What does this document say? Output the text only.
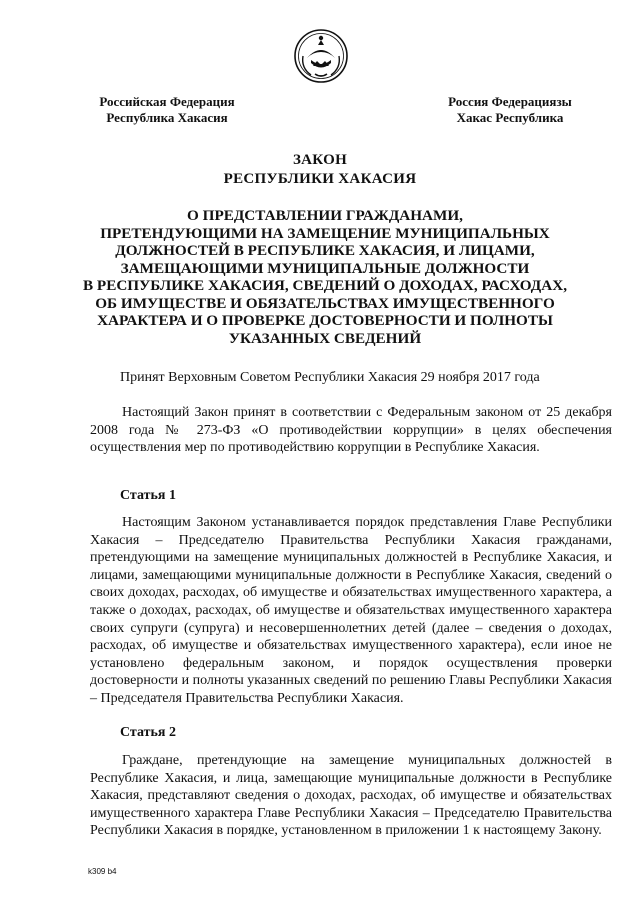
Российская Федерация
Республика Хакасия
Россия Федерациязы
Хакас Республика
ЗАКОН
РЕСПУБЛИКИ ХАКАСИЯ
О ПРЕДСТАВЛЕНИИ ГРАЖДАНАМИ,
ПРЕТЕНДУЮЩИМИ НА ЗАМЕЩЕНИЕ МУНИЦИПАЛЬНЫХ
ДОЛЖНОСТЕЙ В РЕСПУБЛИКЕ ХАКАСИЯ, И ЛИЦАМИ,
ЗАМЕЩАЮЩИМИ МУНИЦИПАЛЬНЫЕ ДОЛЖНОСТИ
В РЕСПУБЛИКЕ ХАКАСИЯ, СВЕДЕНИЙ О ДОХОДАХ, РАСХОДАХ,
ОБ ИМУЩЕСТВЕ И ОБЯЗАТЕЛЬСТВАХ ИМУЩЕСТВЕННОГО
ХАРАКТЕРА И О ПРОВЕРКЕ ДОСТОВЕРНОСТИ И ПОЛНОТЫ
УКАЗАННЫХ СВЕДЕНИЙ
Принят Верховным Советом Республики Хакасия 29 ноября 2017 года

Настоящий Закон принят в соответствии с Федеральным законом от 25 декабря 2008 года № 273-ФЗ «О противодействии коррупции» в целях обеспечения осуществления мер по противодействию коррупции в Республике Хакасия.

Статья 1

Настоящим Законом устанавливается порядок представления Главе Республики Хакасия – Председателю Правительства Республики Хакасия гражданами, претендующими на замещение муниципальных должностей в Республике Хакасия, и лицами, замещающими муниципальные должности в Республике Хакасия, сведений о своих доходах, расходах, об имуществе и обязательствах имущественного характера, а также о доходах, расходах, об имуществе и обязательствах имущественного характера своих супруги (супруга) и несовершеннолетних детей (далее – сведения о доходах, расходах, об имуществе и обязательствах имущественного характера), если иное не установлено федеральным законом, и порядок осуществления проверки достоверности и полноты указанных сведений по решению Главы Республики Хакасия – Председателя Правительства Республики Хакасия.

Статья 2

Граждане, претендующие на замещение муниципальных должностей в Республике Хакасия, и лица, замещающие муниципальные должности в Республике Хакасия, представляют сведения о доходах, расходах, об имуществе и обязательствах имущественного характера Главе Республики Хакасия – Председателю Правительства Республики Хакасия в порядке, установленном в приложении 1 к настоящему Закону.

k309 b4
